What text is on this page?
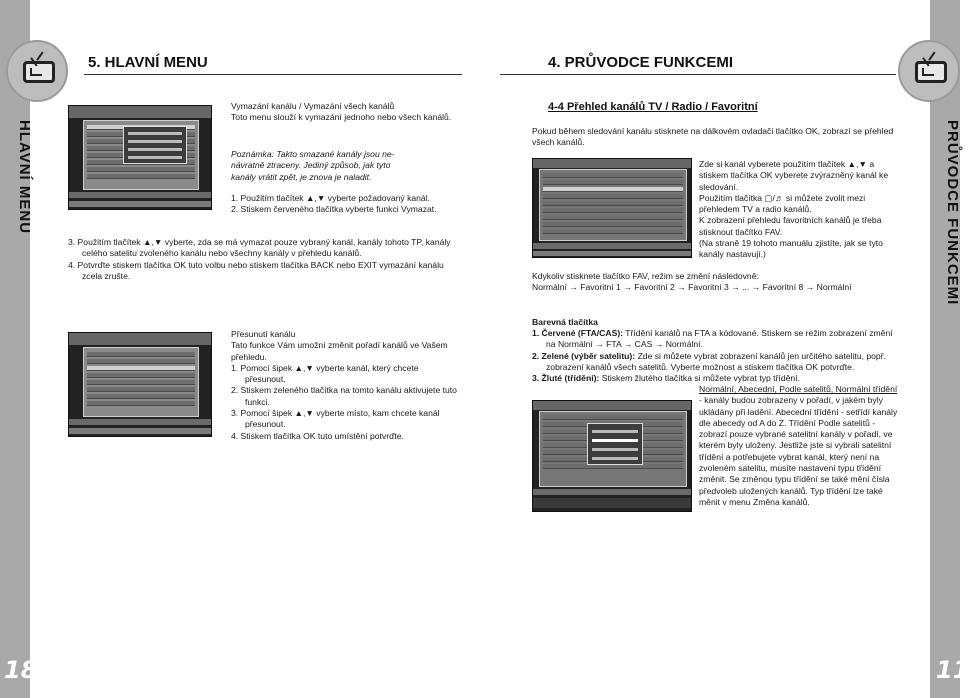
HLAVNÍ MENU
18
PRŮVODCE FUNKCEMI
11
5. HLAVNÍ MENU	4. PRŮVODCE FUNKCEMI

Vymazání kanálu / Vymazání všech kanálů

Toto menu slouží k vymazání jednoho nebo všech kanálů.

Poznámka: Takto smazané kanály jsou ne-

návratně ztraceny. Jediný způsob, jak tyto

kanály vrátit zpět, je znova je naladit.

1. Použitím tlačítek ▲,▼ vyberte požadovaný kanál.

2. Stiskem červeného tlačítka vyberte funkci Vymazat.

3. Použitím tlačítek ▲,▼ vyberte, zda se má vymazat pouze vybraný kanál, kanály tohoto TP, kanály celého satelitu zvoleného kanálu nebo všechny kanály v přehledu kanálů.

4. Potvrďte stiskem tlačítka OK tuto volbu nebo stiskem tlačítka BACK nebo EXIT vymazání kanálu zcela zrušte.

Přesunutí kanálu

Tato funkce Vám umožní změnit pořadí kanálů ve Vašem přehledu.

1. Pomocí šipek ▲,▼ vyberte kanál, který chcete přesunout.

2. Stiskem zeleného tlačítka na tomto kanálu aktivujete tuto funkci.

3. Pomocí šipek ▲,▼ vyberte místo, kam chcete kanál přesunout.

4. Stiskem tlačítka OK tuto umístění potvrďte.

4-4 Přehled kanálů TV / Radio / Favoritní
Pokud během sledování kanálu stisknete na dálkovém ovladači tlačítko OK, zobrazí se přehled všech kanálů.

Zde si kanál vyberete použitím tlačítek ▲,▼ a stiskem tlačítka OK vyberete zvýrazněný kanál ke sledování.

Použitím tlačítka ▢/♬ si můžete zvolit mezi přehledem TV a radio kanálů.

K zobrazení přehledu favoritních kanálů je třeba stisknout tlačítko FAV.

(Na straně 19 tohoto manuálu zjistíte, jak se tyto kanály nastavují.)

Kdykoliv stisknete tlačítko FAV, režim se změní následovně:

Normální → Favoritní 1 → Favoritní 2 → Favoritní 3 → ... → Favoritní 8 → Normální

Barevná tlačítka

1. Červené (FTA/CAS): Třídění kanálů na FTA a kódované. Stiskem se režim zobrazení změní na Normální → FTA → CAS → Normální.

2. Zelené (výběr satelitu): Zde si můžete vybrat zobrazení kanálů jen určitého satelitu, popř. zobrazení kanálů všech satelitů. Vyberte možnost a stiskem tlačítka OK potvrďte.

3. Žluté (třídění): Stiskem žlutého tlačítka si můžete vybrat typ třídění.

Normální, Abecední, Podle satelitů, Normální třídění

- kanály budou zobrazeny v pořadí, v jakém byly ukládány při ladění. Abecední třídění - setřídí kanály dle abecedy od A do Z. Třídění Podle satelitů - zobrazí pouze vybrané satelitní kanály v pořadí, ve kterém byly uloženy. Jestliže jste si vybrali satelitní třídění a potřebujete vybrat kanál, který není na zvoleném satelitu, musíte nastavení typu třídění změnit. Se změnou typu třídění se také mění čísla předvoleb uložených kanálů. Typ třídění lze také měnit v menu Změna kanálů.
